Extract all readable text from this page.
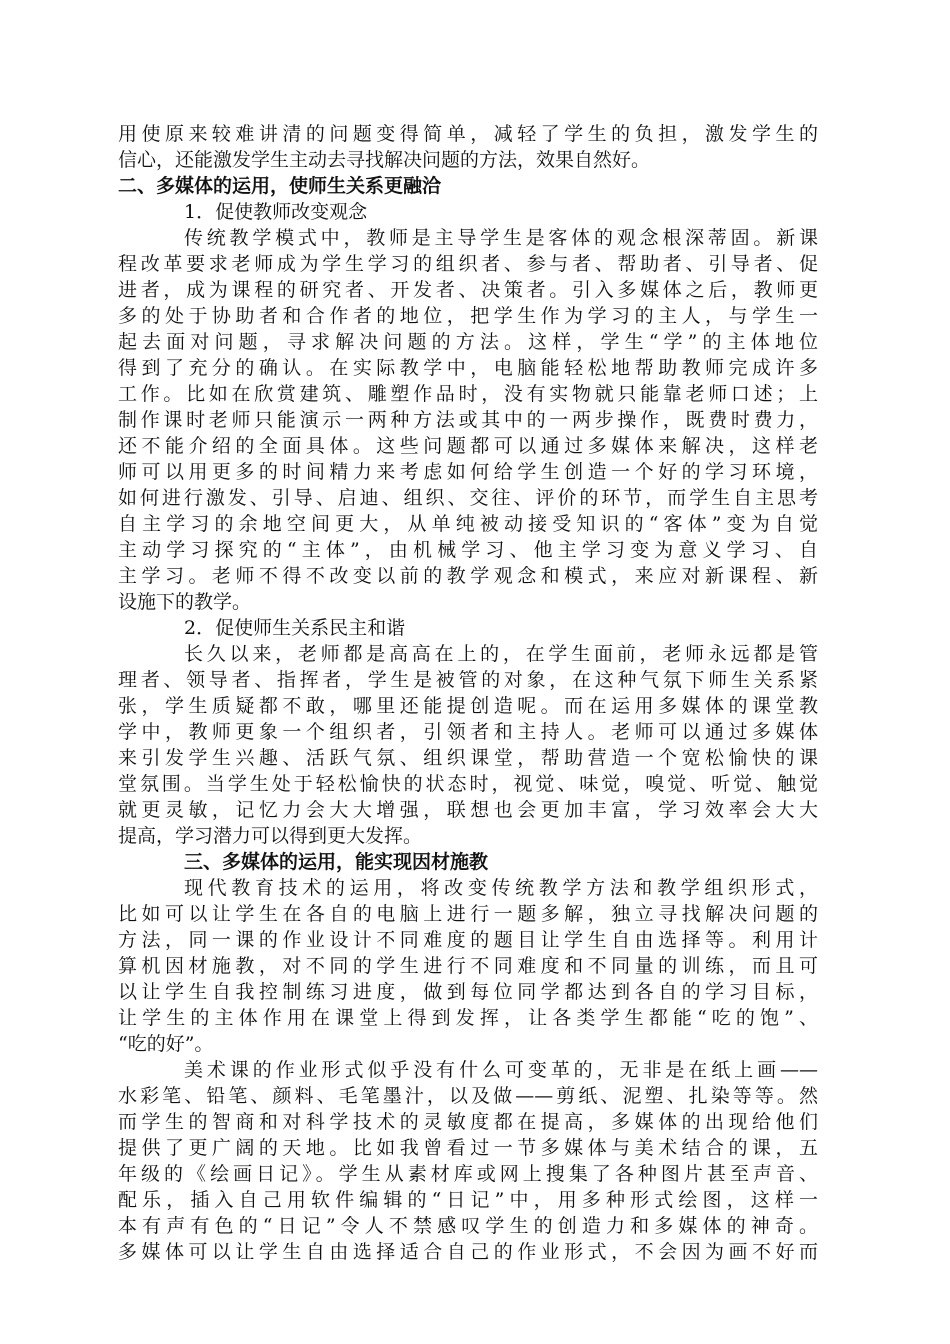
用使原来较难讲清的问题变得简单，减轻了学生的负担，激发学生的
信心，还能激发学生主动去寻找解决问题的方法，效果自然好。
二、多媒体的运用，使师生关系更融洽
1．促使教师改变观念
传统教学模式中，教师是主导学生是客体的观念根深蒂固。新课
程改革要求老师成为学生学习的组织者、参与者、帮助者、引导者、促
进者，成为课程的研究者、开发者、决策者。引入多媒体之后，教师更
多的处于协助者和合作者的地位，把学生作为学习的主人，与学生一
起去面对问题，寻求解决问题的方法。这样，学生“学”的主体地位
得到了充分的确认。在实际教学中，电脑能轻松地帮助教师完成许多
工作。比如在欣赏建筑、雕塑作品时，没有实物就只能靠老师口述；上
制作课时老师只能演示一两种方法或其中的一两步操作，既费时费力，
还不能介绍的全面具体。这些问题都可以通过多媒体来解决，这样老
师可以用更多的时间精力来考虑如何给学生创造一个好的学习环境，
如何进行激发、引导、启迪、组织、交往、评价的环节，而学生自主思考
自主学习的余地空间更大，从单纯被动接受知识的“客体”变为自觉
主动学习探究的“主体”，由机械学习、他主学习变为意义学习、自
主学习。老师不得不改变以前的教学观念和模式，来应对新课程、新
设施下的教学。
2．促使师生关系民主和谐
长久以来，老师都是高高在上的，在学生面前，老师永远都是管
理者、领导者、指挥者，学生是被管的对象，在这种气氛下师生关系紧
张，学生质疑都不敢，哪里还能提创造呢。而在运用多媒体的课堂教
学中，教师更象一个组织者，引领者和主持人。老师可以通过多媒体
来引发学生兴趣、活跃气氛、组织课堂，帮助营造一个宽松愉快的课
堂氛围。当学生处于轻松愉快的状态时，视觉、味觉，嗅觉、听觉、触觉
就更灵敏，记忆力会大大增强，联想也会更加丰富，学习效率会大大
提高，学习潜力可以得到更大发挥。
三、多媒体的运用，能实现因材施教
现代教育技术的运用，将改变传统教学方法和教学组织形式，
比如可以让学生在各自的电脑上进行一题多解，独立寻找解决问题的
方法，同一课的作业设计不同难度的题目让学生自由选择等。利用计
算机因材施教，对不同的学生进行不同难度和不同量的训练，而且可
以让学生自我控制练习进度，做到每位同学都达到各自的学习目标，
让学生的主体作用在课堂上得到发挥，让各类学生都能“吃的饱”、
“吃的好”。
美术课的作业形式似乎没有什么可变革的，无非是在纸上画——
水彩笔、铅笔、颜料、毛笔墨汁，以及做——剪纸、泥塑、扎染等等。然
而学生的智商和对科学技术的灵敏度都在提高，多媒体的出现给他们
提供了更广阔的天地。比如我曾看过一节多媒体与美术结合的课，五
年级的《绘画日记》。学生从素材库或网上搜集了各种图片甚至声音、
配乐，插入自己用软件编辑的“日记”中，用多种形式绘图，这样一
本有声有色的“日记”令人不禁感叹学生的创造力和多媒体的神奇。
多媒体可以让学生自由选择适合自己的作业形式，不会因为画不好而
